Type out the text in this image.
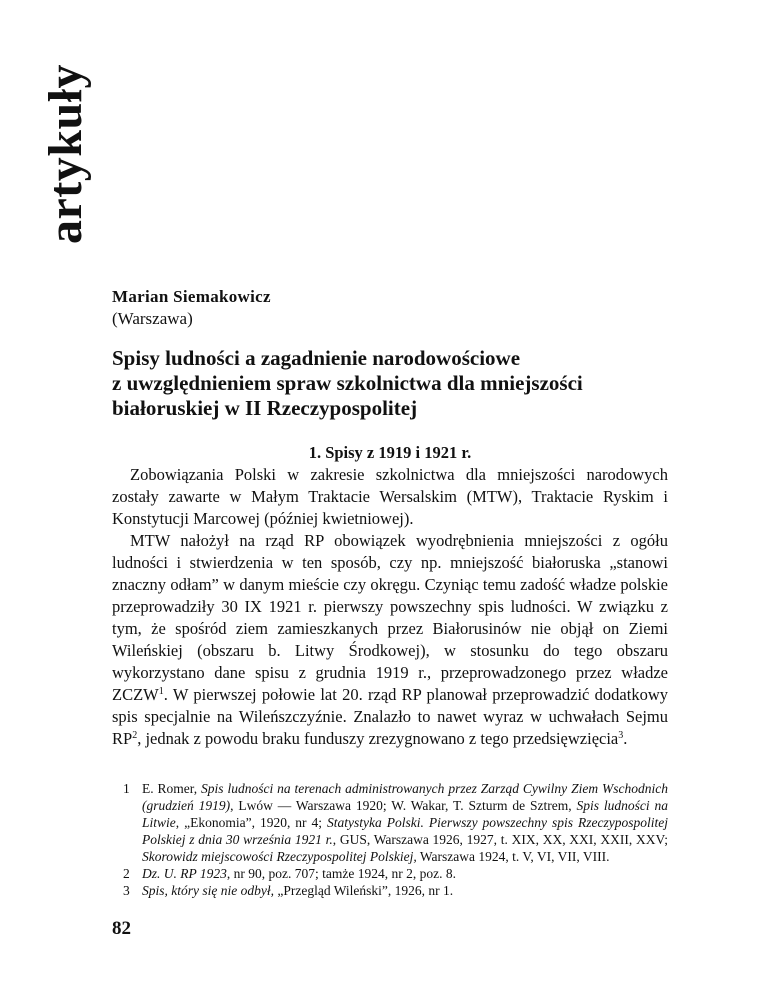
artykuły
Marian Siemakowicz
(Warszawa)
Spisy ludności a zagadnienie narodowościowe
z uwzględnieniem spraw szkolnictwa dla mniejszości
białoruskiej w II Rzeczypospolitej
1. Spisy z 1919 i 1921 r.

Zobowiązania Polski w zakresie szkolnictwa dla mniejszości narodowych zostały zawarte w Małym Traktacie Wersalskim (MTW), Traktacie Ryskim i Konstytucji Marcowej (później kwietniowej).

MTW nałożył na rząd RP obowiązek wyodrębnienia mniejszości z ogółu ludności i stwierdzenia w ten sposób, czy np. mniejszość białoruska „stanowi znaczny odłam” w danym mieście czy okręgu. Czyniąc temu zadość władze polskie przeprowadziły 30 IX 1921 r. pierwszy powszechny spis ludności. W związku z tym, że spośród ziem zamieszkanych przez Białorusinów nie objął on Ziemi Wileńskiej (obszaru b. Litwy Środkowej), w stosunku do tego obszaru wykorzystano dane spisu z grudnia 1919 r., przeprowadzonego przez władze ZCZW$^1$. W pierwszej połowie lat 20. rząd RP planował przeprowadzić dodatkowy spis specjalnie na Wileńszczyźnie. Znalazło to nawet wyraz w uchwałach Sejmu $RP^2$, jednak z powodu braku funduszy zrezygnowano z tego przedsięwzięcia$^3$.

1 E. Romer, Spis ludności na terenach administrowanych przez Zarząd Cywilny Ziem Wschodnich (grudzień 1919), Lwów — Warszawa 1920; W. Wakar, T. Szturm de Sztrem, Spis ludności na Litwie, „Ekonomia”, 1920, nr 4; Statystyka Polski. Pierwszy powszechny spis Rzeczypospolitej Polskiej z dnia 30 września 1921 r., GUS, Warszawa 1926, 1927, t. XIX, XX, XXI, XXII, XXV; Skorowidz miejscowości Rzeczypospolitej Polskiej, Warszawa 1924, t. V, VI, VII, VIII.
2 Dz. U. RP 1923, nr 90, poz. 707; tamże 1924, nr 2, poz. 8.
3 Spis, który się nie odbył, „Przegląd Wileński”, 1926, nr 1.
82
